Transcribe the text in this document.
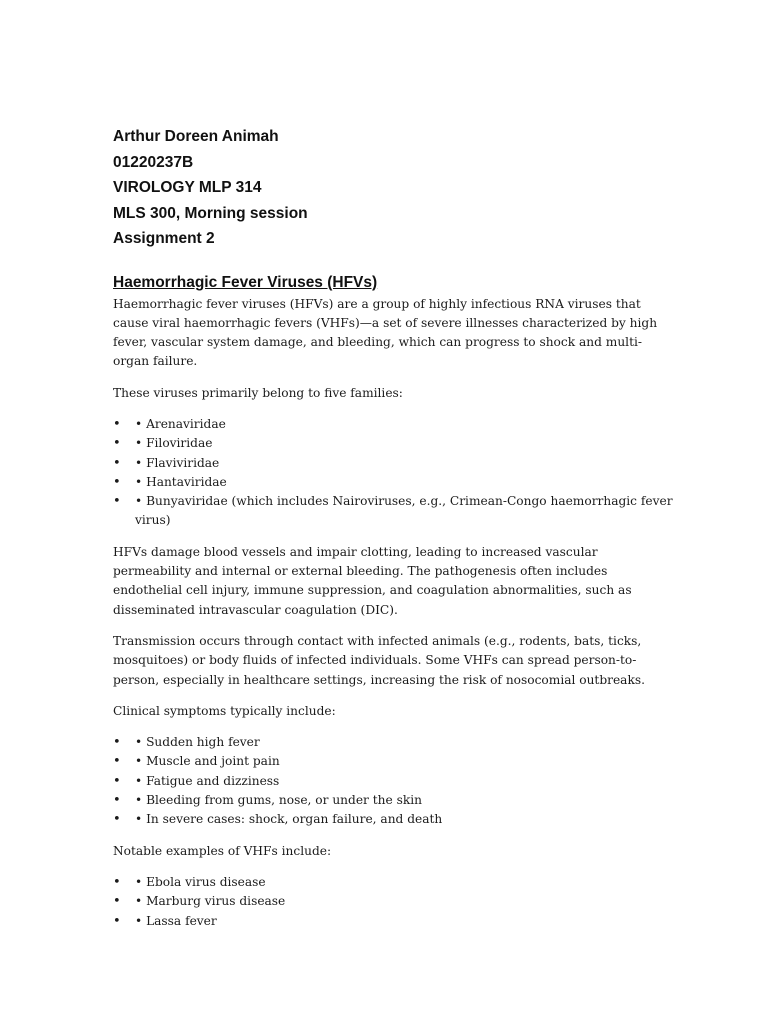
Arthur Doreen Animah

01220237B

VIROLOGY MLP 314

MLS 300, Morning session

Assignment 2

Haemorrhagic Fever Viruses (HFVs)

Haemorrhagic fever viruses (HFVs) are a group of highly infectious RNA viruses that cause viral haemorrhagic fevers (VHFs)—a set of severe illnesses characterized by high fever, vascular system damage, and bleeding, which can progress to shock and multi-organ failure.

These viruses primarily belong to five families:

• • Arenaviridae
• • Filoviridae
• • Flaviviridae
• • Hantaviridae
• • Bunyaviridae (which includes Nairoviruses, e.g., Crimean-Congo haemorrhagic fever virus)

HFVs damage blood vessels and impair clotting, leading to increased vascular permeability and internal or external bleeding. The pathogenesis often includes endothelial cell injury, immune suppression, and coagulation abnormalities, such as disseminated intravascular coagulation (DIC).

Transmission occurs through contact with infected animals (e.g., rodents, bats, ticks, mosquitoes) or body fluids of infected individuals. Some VHFs can spread person-to-person, especially in healthcare settings, increasing the risk of nosocomial outbreaks.

Clinical symptoms typically include:

• • Sudden high fever
• • Muscle and joint pain
• • Fatigue and dizziness
• • Bleeding from gums, nose, or under the skin
• • In severe cases: shock, organ failure, and death

Notable examples of VHFs include:

• • Ebola virus disease
• • Marburg virus disease
• • Lassa fever
